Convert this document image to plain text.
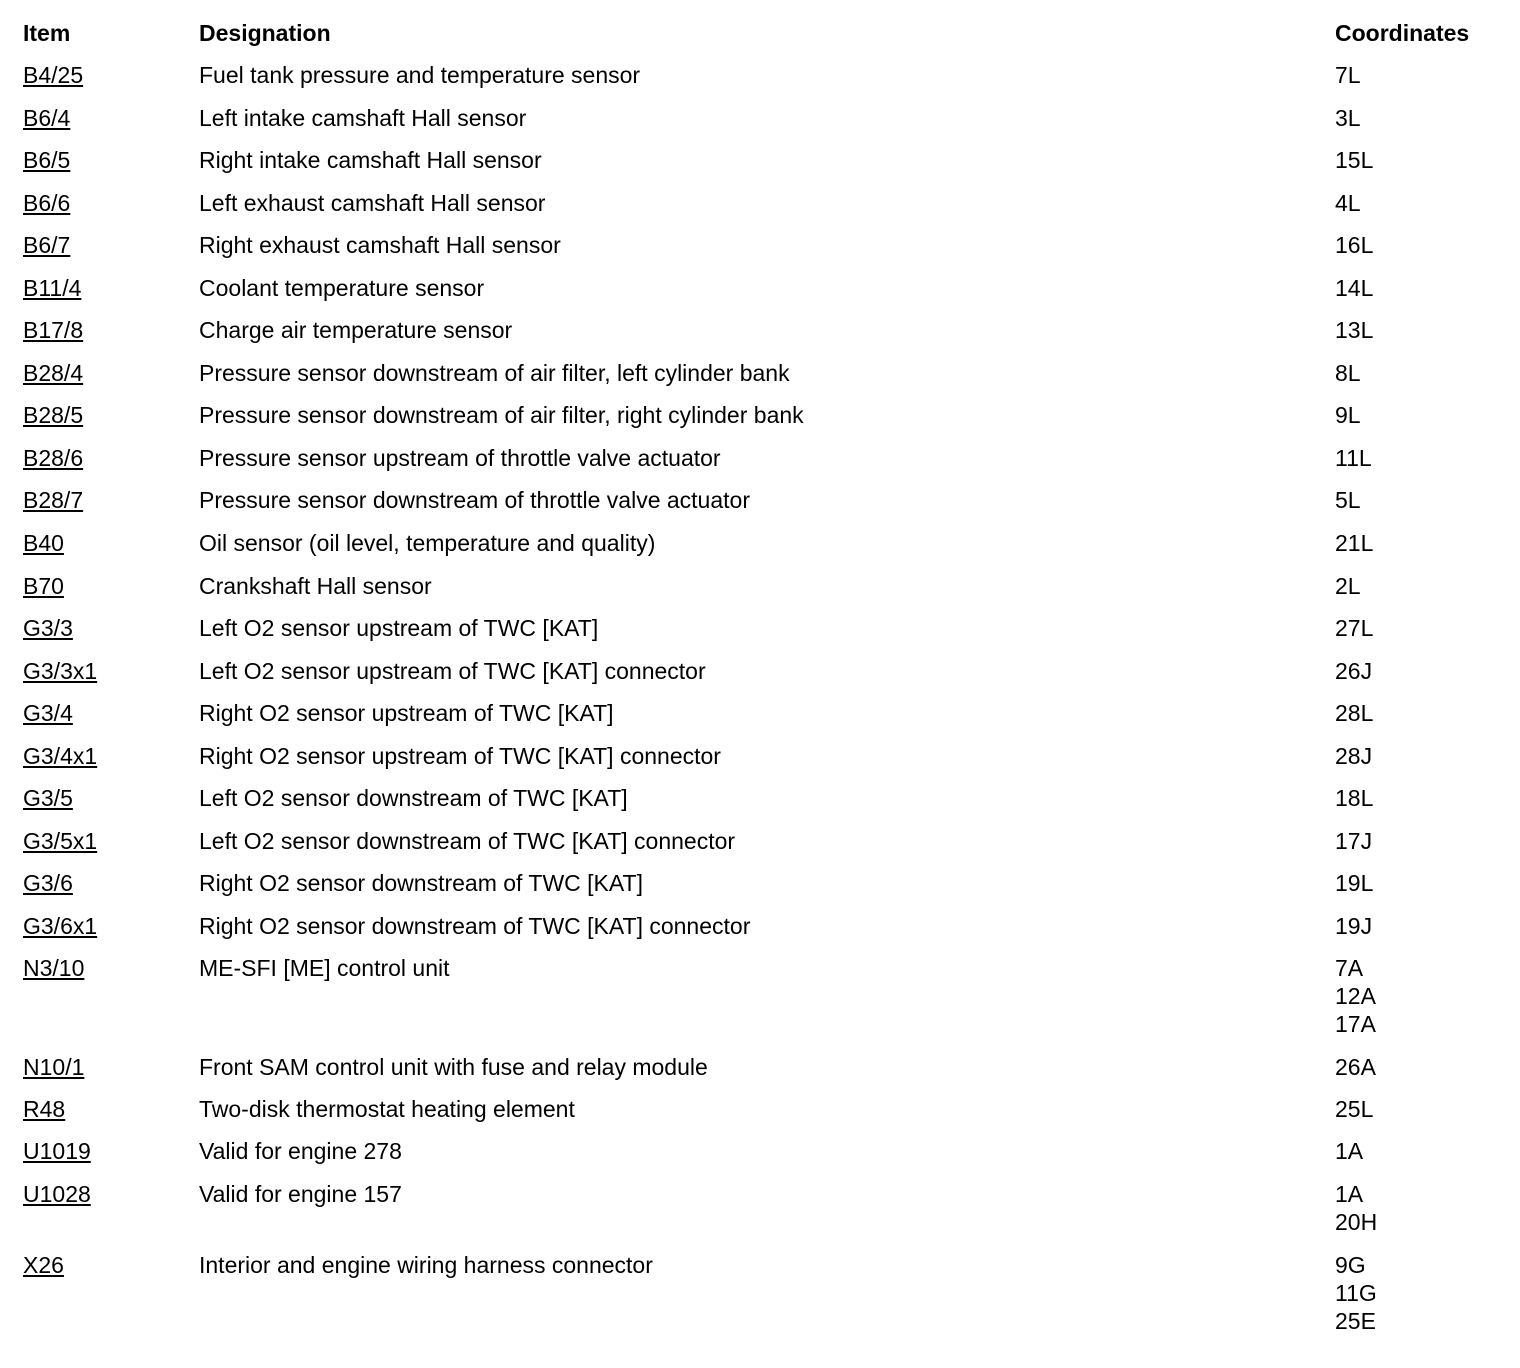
Item	Designation	Coordinates
B4/25	Fuel tank pressure and temperature sensor	7L
B6/4	Left intake camshaft Hall sensor	3L
B6/5	Right intake camshaft Hall sensor	15L
B6/6	Left exhaust camshaft Hall sensor	4L
B6/7	Right exhaust camshaft Hall sensor	16L
B11/4	Coolant temperature sensor	14L
B17/8	Charge air temperature sensor	13L
B28/4	Pressure sensor downstream of air filter, left cylinder bank	8L
B28/5	Pressure sensor downstream of air filter, right cylinder bank	9L
B28/6	Pressure sensor upstream of throttle valve actuator	11L
B28/7	Pressure sensor downstream of throttle valve actuator	5L
B40	Oil sensor (oil level, temperature and quality)	21L
B70	Crankshaft Hall sensor	2L
G3/3	Left O2 sensor upstream of TWC [KAT]	27L
G3/3x1	Left O2 sensor upstream of TWC [KAT] connector	26J
G3/4	Right O2 sensor upstream of TWC [KAT]	28L
G3/4x1	Right O2 sensor upstream of TWC [KAT] connector	28J
G3/5	Left O2 sensor downstream of TWC [KAT]	18L
G3/5x1	Left O2 sensor downstream of TWC [KAT] connector	17J
G3/6	Right O2 sensor downstream of TWC [KAT]	19L
G3/6x1	Right O2 sensor downstream of TWC [KAT] connector	19J
N3/10	ME-SFI [ME] control unit	7A
12A
17A
N10/1	Front SAM control unit with fuse and relay module	26A
R48	Two-disk thermostat heating element	25L
U1019	Valid for engine 278	1A
U1028	Valid for engine 157	1A
20H
X26	Interior and engine wiring harness connector	9G
11G
25E
